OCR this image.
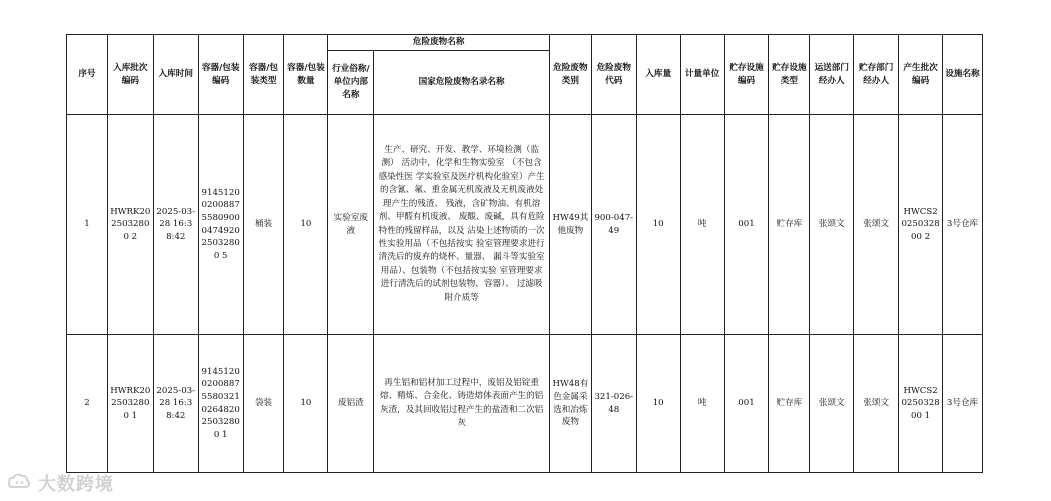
序号	入库批次编码	入库时间	容器/包装编码	容器/包装类型	容器/包装数量	危险废物名称		危险废物类别	危险废物代码	入库量	计量单位	贮存设施编码	贮存设施类型	运送部门经办人	贮存部门经办人	产生批次编码	设施名称
						行业俗称/单位内部名称	国家危险废物名录名称										
1	HWRK2025032800 2	2025-03-28 16:38:42	914512002008875580900047492025032800 5	桶装	10	实验室废液	生产、研究、开发、教学、环境检测（监测） 活动中，化学和生物实验室 （不包含感染性医 学实验室及医疗机构化验室）产生的含氰、氟、重金属无机废液及无机废液处理产生的残渣、 残液，含矿物油、有机溶剂、甲醛有机废液、 废酸、废碱，具有危险特性的残留样品，以及 沾染上述物质的一次性实验用品（不包括按实 验室管理要求进行清洗后的废弃的烧杯、量器、 漏斗等实验室用品）、包装物（不包括按实验 室管理要求进行清洗后的试剂包装物、容器）、 过滤吸附介质等	HW49其他废物	900-047-49	10	吨	001	贮存库	张颂文	张颂文	HWCS2025032800 2	3号仓库
2	HWRK2025032800 1	2025-03-28 16:38:42	914512002008875580321026482025032800 1	袋装	10	废铝渣	再生铝和铝材加工过程中，废铝及铝锭重熔、精炼、合金化、铸造熔体表面产生的铝灰渣，及其回收铝过程产生的盐渣和二次铝灰	HW48有色金属采选和冶炼废物	321-026-48	10	吨	001	贮存库	张颂文	张颂文	HWCS2025032800 1	3号仓库
大数跨境
